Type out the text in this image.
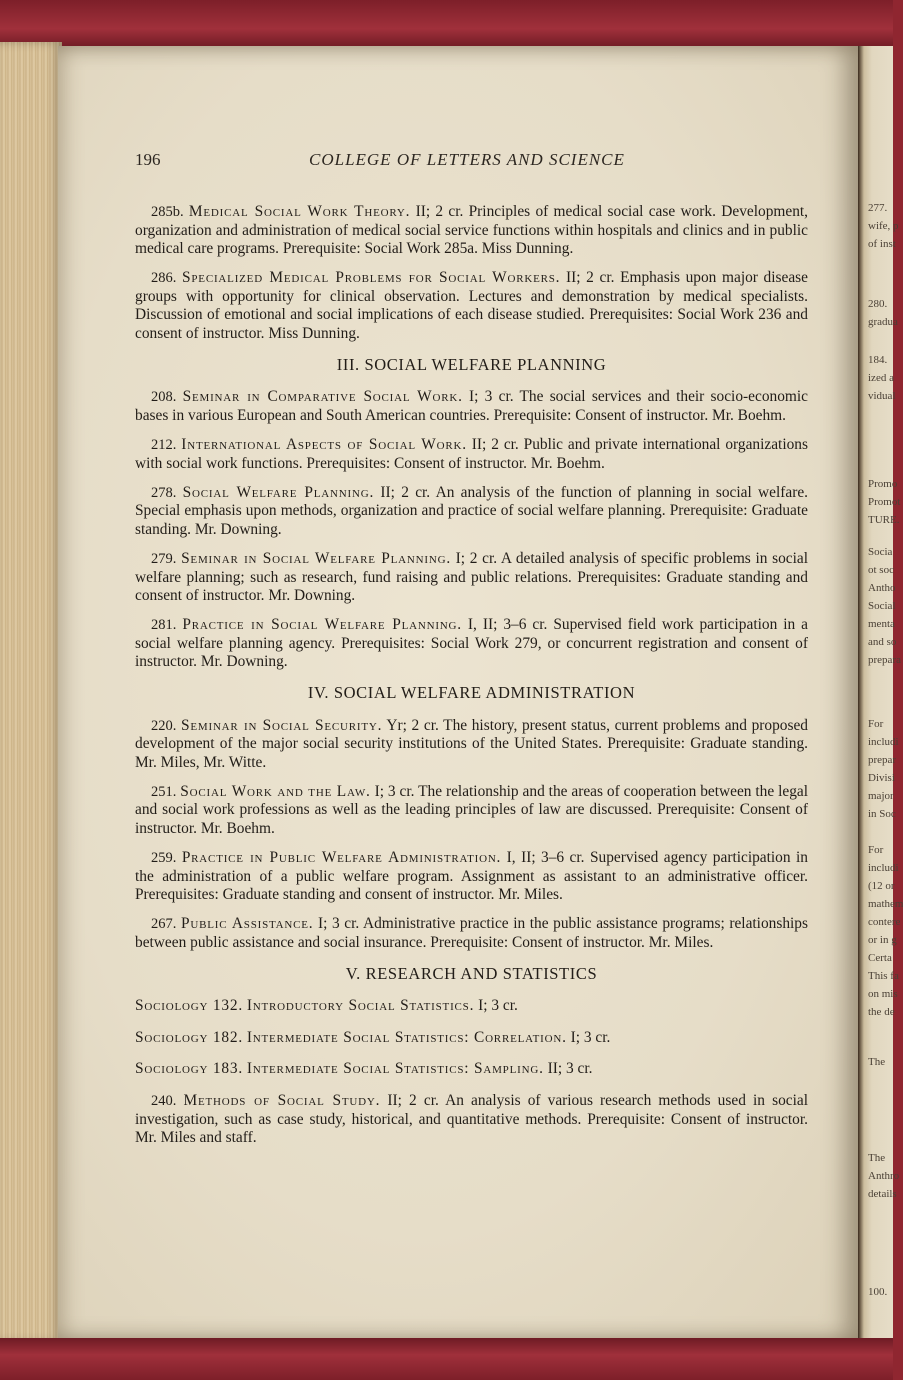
196	COLLEGE OF LETTERS AND SCIENCE

285b. Medical Social Work Theory. II; 2 cr. Principles of medical social case work. Development, organization and administration of medical social service functions within hospitals and clinics and in public medical care programs. Prerequisite: Social Work 285a. Miss Dunning.

286. Specialized Medical Problems for Social Workers. II; 2 cr. Emphasis upon major disease groups with opportunity for clinical observation. Lectures and demonstration by medical specialists. Discussion of emotional and social implications of each disease studied. Prerequisites: Social Work 236 and consent of instructor. Miss Dunning.

III. SOCIAL WELFARE PLANNING

208. Seminar in Comparative Social Work. I; 3 cr. The social services and their socio-economic bases in various European and South American countries. Prerequisite: Consent of instructor. Mr. Boehm.

212. International Aspects of Social Work. II; 2 cr. Public and private international organizations with social work functions. Prerequisites: Consent of instructor. Mr. Boehm.

278. Social Welfare Planning. II; 2 cr. An analysis of the function of planning in social welfare. Special emphasis upon methods, organization and practice of social welfare planning. Prerequisite: Graduate standing. Mr. Downing.

279. Seminar in Social Welfare Planning. I; 2 cr. A detailed analysis of specific problems in social welfare planning; such as research, fund raising and public relations. Prerequisites: Graduate standing and consent of instructor. Mr. Downing.

281. Practice in Social Welfare Planning. I, II; 3–6 cr. Supervised field work participation in a social welfare planning agency. Prerequisites: Social Work 279, or concurrent registration and consent of instructor. Mr. Downing.

IV. SOCIAL WELFARE ADMINISTRATION

220. Seminar in Social Security. Yr; 2 cr. The history, present status, current problems and proposed development of the major social security institutions of the United States. Prerequisite: Graduate standing. Mr. Miles, Mr. Witte.

251. Social Work and the Law. I; 3 cr. The relationship and the areas of cooperation between the legal and social work professions as well as the leading principles of law are discussed. Prerequisite: Consent of instructor. Mr. Boehm.

259. Practice in Public Welfare Administration. I, II; 3–6 cr. Supervised agency participation in the administration of a public welfare program. Assignment as assistant to an administrative officer. Prerequisites: Graduate standing and consent of instructor. Mr. Miles.

267. Public Assistance. I; 3 cr. Administrative practice in the public assistance programs; relationships between public assistance and social insurance. Prerequisite: Consent of instructor. Mr. Miles.

V. RESEARCH AND STATISTICS

Sociology 132. Introductory Social Statistics. I; 3 cr.

Sociology 182. Intermediate Social Statistics: Correlation. I; 3 cr.

Sociology 183. Intermediate Social Statistics: Sampling. II; 3 cr.

240. Methods of Social Study. II; 2 cr. An analysis of various research methods used in social investigation, such as case study, historical, and quantitative methods. Prerequisite: Consent of instructor. Mr. Miles and staff.

277.
wife, p
of inst
280.
gradua
184.
ized a
vidual
Promo
Promot
TURE.
Socia
ot soc
Antho
Social
menta
and so
prepara
For
includi
prepar
Divisi
major
in Soc
For
includi
(12 or
mathem
contere
or in g
Certa
This fa
on mis
the de
The
The
Anthro
details
100.
